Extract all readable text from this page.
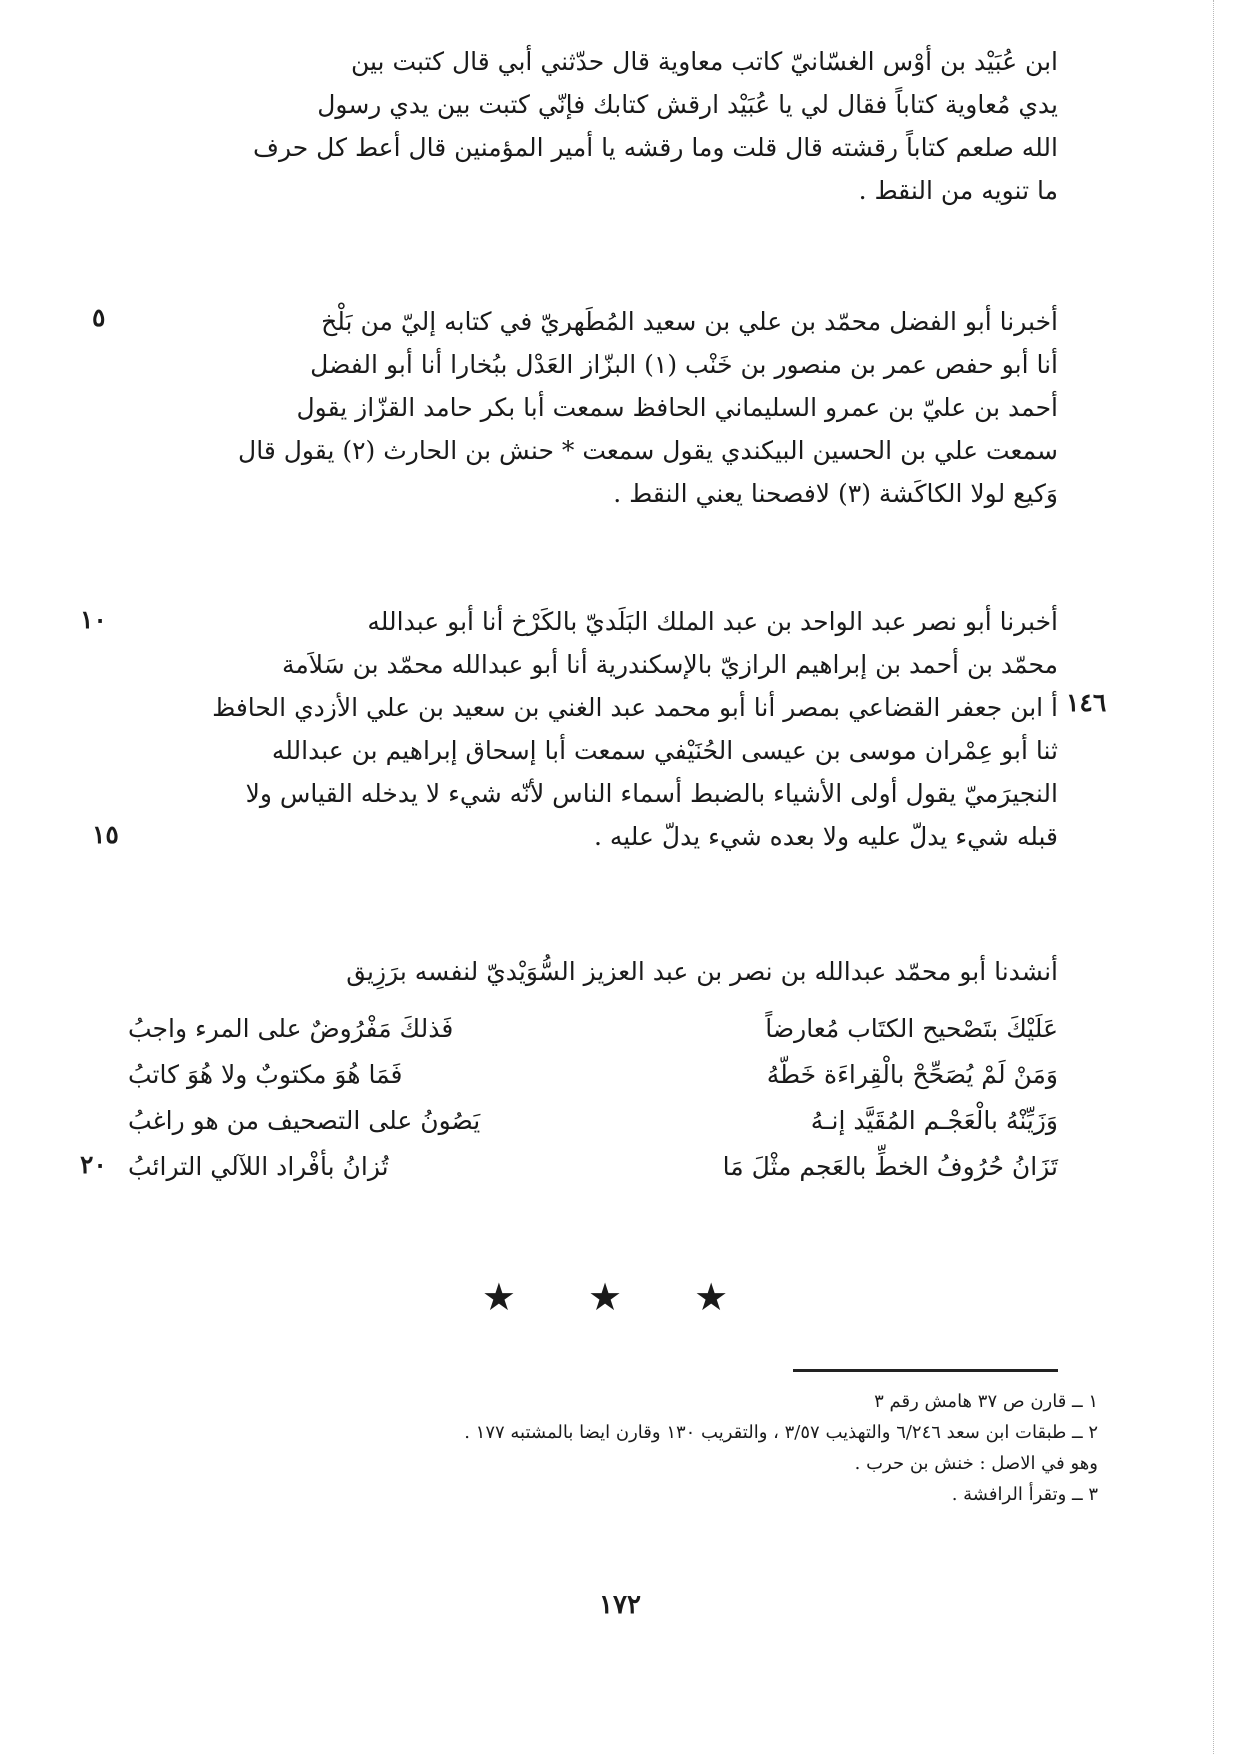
ابن عُبَيْد بن أوْس الغسّانيّ كاتب معاوية قال حدّثني أبي قال كتبت بين
يدي مُعاوية كتاباً فقال لي يا عُبَيْد ارقش كتابك فإنّي كتبت بين يدي رسول
الله صلعم كتاباً رقشته قال قلت وما رقشه يا أمير المؤمنين قال أعط كل حرف
ما تنويه من النقط .
أخبرنا أبو الفضل محمّد بن علي بن سعيد المُطَهريّ في كتابه إليّ من بَلْخ
أنا أبو حفص عمر بن منصور بن خَنْب (١) البزّاز العَدْل ببُخارا أنا أبو الفضل
أحمد بن عليّ بن عمرو السليماني الحافظ سمعت أبا بكر حامد القزّاز يقول
سمعت علي بن الحسين البيكندي يقول سمعت * حنش بن الحارث (٢) يقول قال
وَكيع لولا الكاكَشة (٣) لافصحنا يعني النقط .
أخبرنا أبو نصر عبد الواحد بن عبد الملك البَلَديّ بالكَرْخ أنا أبو عبدالله
محمّد بن أحمد بن إبراهيم الرازيّ بالإسكندرية أنا أبو عبدالله محمّد بن سَلاَمة
أ ابن جعفر القضاعي بمصر أنا أبو محمد عبد الغني بن سعيد بن علي الأزدي الحافظ
ثنا أبو عِمْران موسى بن عيسى الحُنَيْفي سمعت أبا إسحاق إبراهيم بن عبدالله
النجيرَميّ يقول أولى الأشياء بالضبط أسماء الناس لأنّه شيء لا يدخله القياس ولا
قبله شيء يدلّ عليه ولا بعده شيء يدلّ عليه .
أنشدنا أبو محمّد عبدالله بن نصر بن عبد العزيز السُّوَيْديّ لنفسه برَزِيق
عَلَيْكَ بتَصْحيح الكتَاب مُعارضاً
فَذلكَ مَفْرُوضٌ على المرء واجبُ
وَمَنْ لَمْ يُصَحِّحْ بالْقِراءَة خَطّهُ
فَمَا هُوَ مكتوبٌ ولا هُوَ كاتبُ
وَزَيِّنْهُ بالْعَجْـم المُقَيَّد إنـهُ
يَصُونُ على التصحيف من هو راغبُ
تَزَانُ حُرُوفُ الخطِّ بالعَجم مثْلَ مَا
تُزانُ بأفْراد اللآلي الترائبُ
٥
١٠
١٤٦
١٥
٢٠
★ ★ ★
١ ــ قارن ص ٣٧ هامش رقم ٣
٢ ــ طبقات ابن سعد ٦/٢٤٦ والتهذيب ٣/٥٧ ، والتقريب ١٣٠ وقارن ايضا بالمشتبه ١٧٧ .
وهو في الاصل : خنش بن حرب .
٣ ــ وتقرأ الرافشة .
١٧٢
